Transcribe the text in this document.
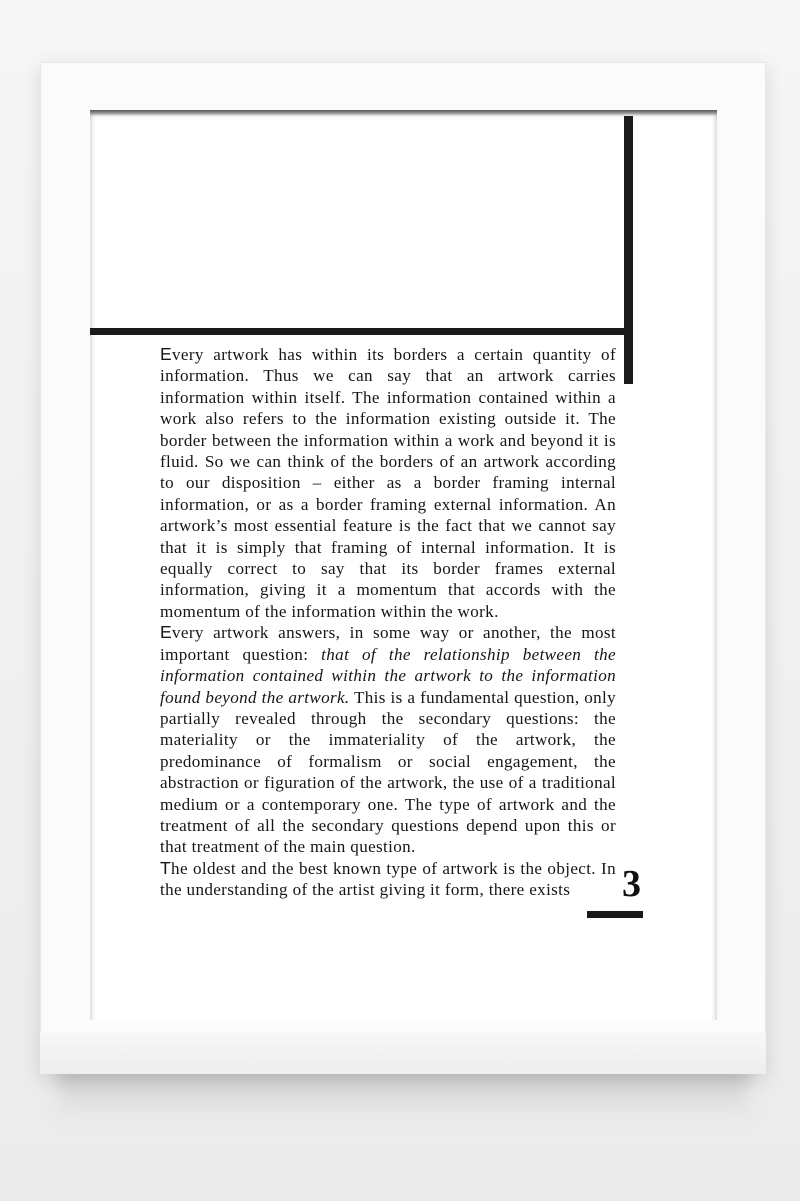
Every artwork has within its borders a certain quantity of information. Thus we can say that an artwork carries information within itself. The information contained within a work also refers to the information existing outside it. The border between the information within a work and beyond it is fluid. So we can think of the borders of an artwork according to our disposition – either as a border framing internal information, or as a border framing external information. An artwork’s most essential feature is the fact that we cannot say that it is simply that framing of internal information. It is equally correct to say that its border frames external information, giving it a momentum that accords with the momentum of the information within the work.

Every artwork answers, in some way or another, the most important question: that of the relationship between the information contained within the artwork to the information found beyond the artwork. This is a fundamental question, only partially revealed through the secondary questions: the materiality or the immateriality of the artwork, the predominance of formalism or social engagement, the abstraction or figuration of the artwork, the use of a traditional medium or a contemporary one. The type of artwork and the treatment of all the secondary questions depend upon this or that treatment of the main question.

The oldest and the best known type of artwork is the object. In the understanding of the artist giving it form, there exists	3
